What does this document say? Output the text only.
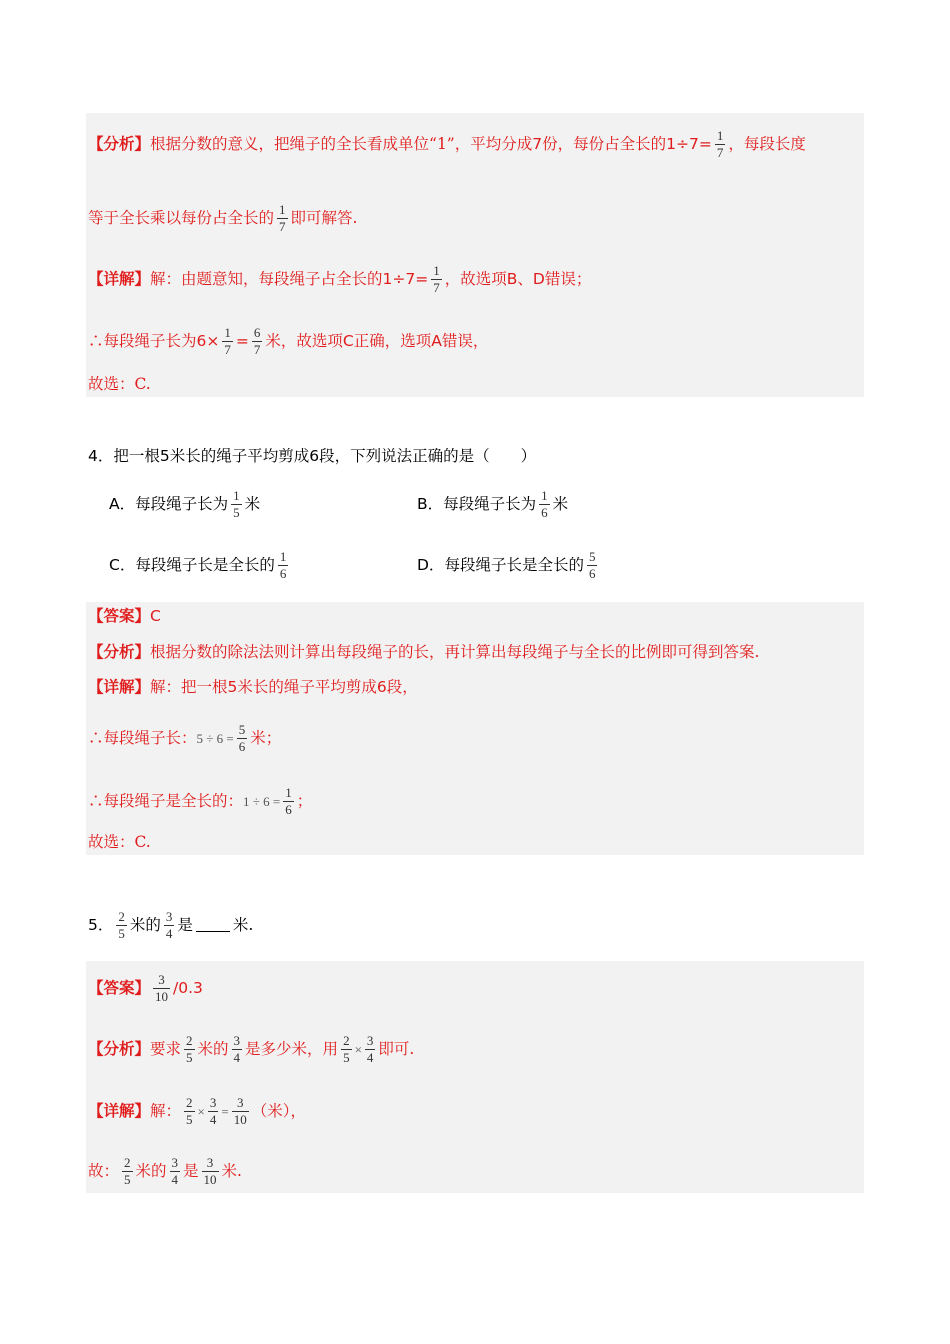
【分析】根据分数的意义，把绳子的全长看成单位“1”，平均分成7份，每份占全长的$1\div 7= \frac{1}{7}$ ，每段长度
等于全长乘以每份占全长的 $\frac{1}{7}$ 即可解答.
【详解】解：由题意知，每段绳子占全长的$1\div 7= \frac{1}{7}$ ，故选项B、D错误；
∴每段绳子长为$6\times \frac{1}{7} = \frac{6}{7}$ 米，故选项C正确，选项A错误，
故选：C.
4．把一根5米长的绳子平均剪成6段，下列说法正确的是（　　）
A．每段绳子长为 $\frac{1}{5}$ 米	B．每段绳子长为 $\frac{1}{6}$ 米
C．每段绳子长是全长的 $\frac{1}{6}$	D．每段绳子长是全长的 $\frac{5}{6}$
【答案】C
【分析】根据分数的除法法则计算出每段绳子的长，再计算出每段绳子与全长的比例即可得到答案.
【详解】解：把一根5米长的绳子平均剪成6段，
∴每段绳子长：$5 \div 6 = \frac{5}{6}$ 米；
∴每段绳子是全长的：$1 \div 6 = \frac{1}{6}$ ；
故选：C.
5． $\frac{2}{5}$ 米的 $\frac{3}{4}$ 是	米.
【答案】 $\frac{3}{10} /0.3$
【分析】要求 $\frac{2}{5}$ 米的 $\frac{3}{4}$ 是多少米，用 $\frac{2}{5} \times \frac{3}{4}$ 即可.
【详解】解： $\frac{2}{5} \times \frac{3}{4} = \frac{3}{10}$ （米），
故： $\frac{2}{5}$ 米的 $\frac{3}{4}$ 是 $\frac{3}{10}$ 米.
